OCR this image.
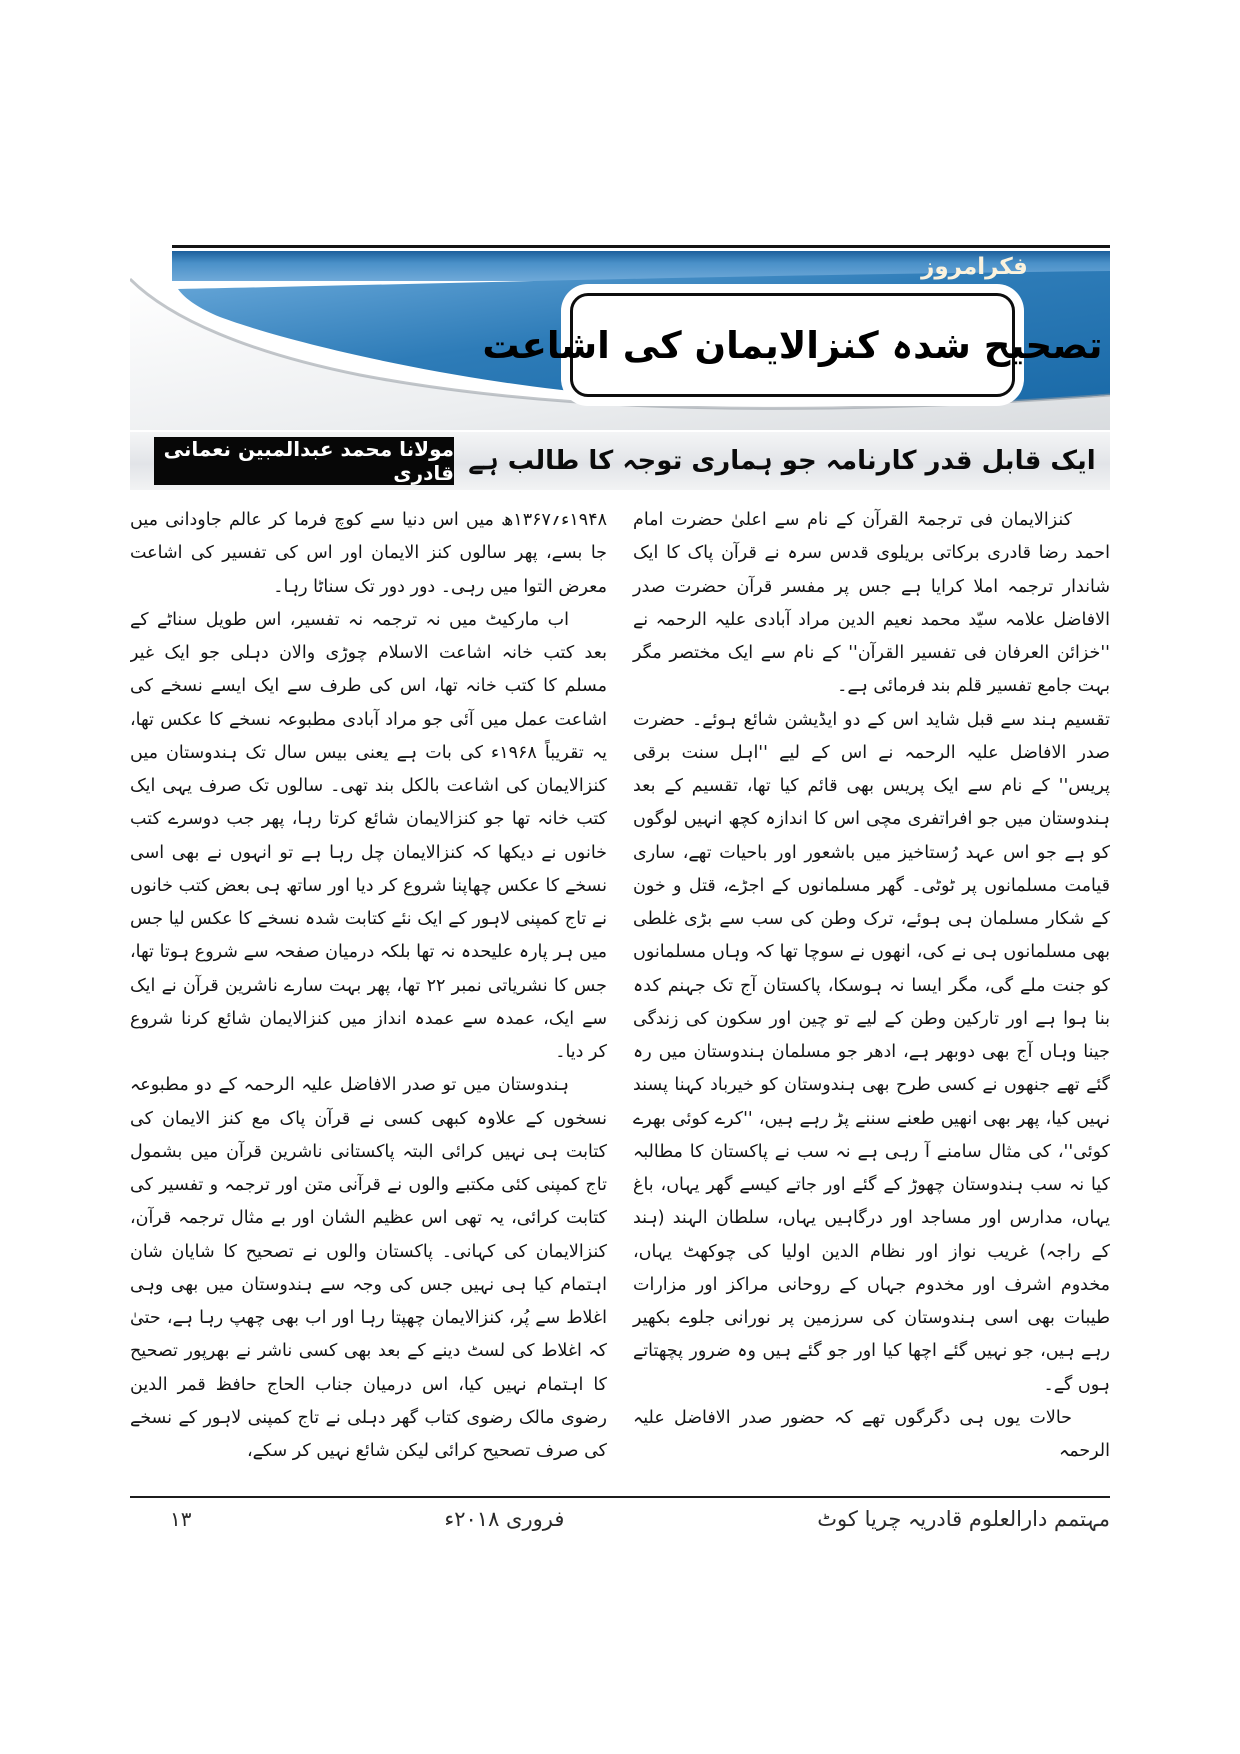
فکرامروز
تصحیح شدہ کنزالایمان کی اشاعت
مولانا محمد عبدالمبین نعمانی قادری ایک قابل قدر کارنامہ جو ہماری توجہ کا طالب ہے

کنزالایمان فی ترجمۃ القرآن کے نام سے اعلیٰ حضرت امام احمد رضا قادری برکاتی بریلوی قدس سرہ نے قرآن پاک کا ایک شاندار ترجمہ املا کرایا ہے جس پر مفسر قرآن حضرت صدر الافاضل علامہ سیّد محمد نعیم الدین مراد آبادی علیہ الرحمہ نے ''خزائن العرفان فی تفسیر القرآن'' کے نام سے ایک مختصر مگر بہت جامع تفسیر قلم بند فرمائی ہے۔

تقسیم ہند سے قبل شاید اس کے دو ایڈیشن شائع ہوئے۔ حضرت صدر الافاضل علیہ الرحمہ نے اس کے لیے ''اہل سنت برقی پریس'' کے نام سے ایک پریس بھی قائم کیا تھا، تقسیم کے بعد ہندوستان میں جو افراتفری مچی اس کا اندازہ کچھ انہیں لوگوں کو ہے جو اس عہد رُستاخیز میں باشعور اور باحیات تھے، ساری قیامت مسلمانوں پر ٹوٹی۔ گھر مسلمانوں کے اجڑے، قتل و خون کے شکار مسلمان ہی ہوئے، ترک وطن کی سب سے بڑی غلطی بھی مسلمانوں ہی نے کی، انھوں نے سوچا تھا کہ وہاں مسلمانوں کو جنت ملے گی، مگر ایسا نہ ہوسکا، پاکستان آج تک جہنم کدہ بنا ہوا ہے اور تارکین وطن کے لیے تو چین اور سکون کی زندگی جینا وہاں آج بھی دوبھر ہے، ادھر جو مسلمان ہندوستان میں رہ گئے تھے جنھوں نے کسی طرح بھی ہندوستان کو خیرباد کہنا پسند نہیں کیا، پھر بھی انھیں طعنے سننے پڑ رہے ہیں، ''کرے کوئی بھرے کوئی''، کی مثال سامنے آ رہی ہے نہ سب نے پاکستان کا مطالبہ کیا نہ سب ہندوستان چھوڑ کے گئے اور جاتے کیسے گھر یہاں، باغ یہاں، مدارس اور مساجد اور درگاہیں یہاں، سلطان الہند (ہند کے راجہ) غریب نواز اور نظام الدین اولیا کی چوکھٹ یہاں، مخدوم اشرف اور مخدوم جہاں کے روحانی مراکز اور مزارات طیبات بھی اسی ہندوستان کی سرزمین پر نورانی جلوے بکھیر رہے ہیں، جو نہیں گئے اچھا کیا اور جو گئے ہیں وہ ضرور پچھتاتے ہوں گے۔

حالات یوں ہی دگرگوں تھے کہ حضور صدر الافاضل علیہ الرحمہ

۱۹۴۸ء؍۱۳۶۷ھ میں اس دنیا سے کوچ فرما کر عالم جاودانی میں جا بسے، پھر سالوں کنز الایمان اور اس کی تفسیر کی اشاعت معرض التوا میں رہی۔ دور دور تک سناٹا رہا۔

اب مارکیٹ میں نہ ترجمہ نہ تفسیر، اس طویل سناٹے کے بعد کتب خانہ اشاعت الاسلام چوڑی والان دہلی جو ایک غیر مسلم کا کتب خانہ تھا، اس کی طرف سے ایک ایسے نسخے کی اشاعت عمل میں آئی جو مراد آبادی مطبوعہ نسخے کا عکس تھا، یہ تقریباً ۱۹۶۸ء کی بات ہے یعنی بیس سال تک ہندوستان میں کنزالایمان کی اشاعت بالکل بند تھی۔ سالوں تک صرف یہی ایک کتب خانہ تھا جو کنزالایمان شائع کرتا رہا، پھر جب دوسرے کتب خانوں نے دیکھا کہ کنزالایمان چل رہا ہے تو انہوں نے بھی اسی نسخے کا عکس چھاپنا شروع کر دیا اور ساتھ ہی بعض کتب خانوں نے تاج کمپنی لاہور کے ایک نئے کتابت شدہ نسخے کا عکس لیا جس میں ہر پارہ علیحدہ نہ تھا بلکہ درمیان صفحہ سے شروع ہوتا تھا، جس کا نشریاتی نمبر ۲۲ تھا، پھر بہت سارے ناشرین قرآن نے ایک سے ایک، عمدہ سے عمدہ انداز میں کنزالایمان شائع کرنا شروع کر دیا۔

ہندوستان میں تو صدر الافاضل علیہ الرحمہ کے دو مطبوعہ نسخوں کے علاوہ کبھی کسی نے قرآن پاک مع کنز الایمان کی کتابت ہی نہیں کرائی البتہ پاکستانی ناشرین قرآن میں بشمول تاج کمپنی کئی مکتبے والوں نے قرآنی متن اور ترجمہ و تفسیر کی کتابت کرائی، یہ تھی اس عظیم الشان اور بے مثال ترجمہ قرآن، کنزالایمان کی کہانی۔ پاکستان والوں نے تصحیح کا شایان شان اہتمام کیا ہی نہیں جس کی وجہ سے ہندوستان میں بھی وہی اغلاط سے پُر، کنزالایمان چھپتا رہا اور اب بھی چھپ رہا ہے، حتیٰ کہ اغلاط کی لسٹ دینے کے بعد بھی کسی ناشر نے بھرپور تصحیح کا اہتمام نہیں کیا، اس درمیان جناب الحاج حافظ قمر الدین رضوی مالک رضوی کتاب گھر دہلی نے تاج کمپنی لاہور کے نسخے کی صرف تصحیح کرائی لیکن شائع نہیں کر سکے،

مہتمم دارالعلوم قادریہ چریا کوٹ
فروری ۲۰۱۸ء
۱۳
